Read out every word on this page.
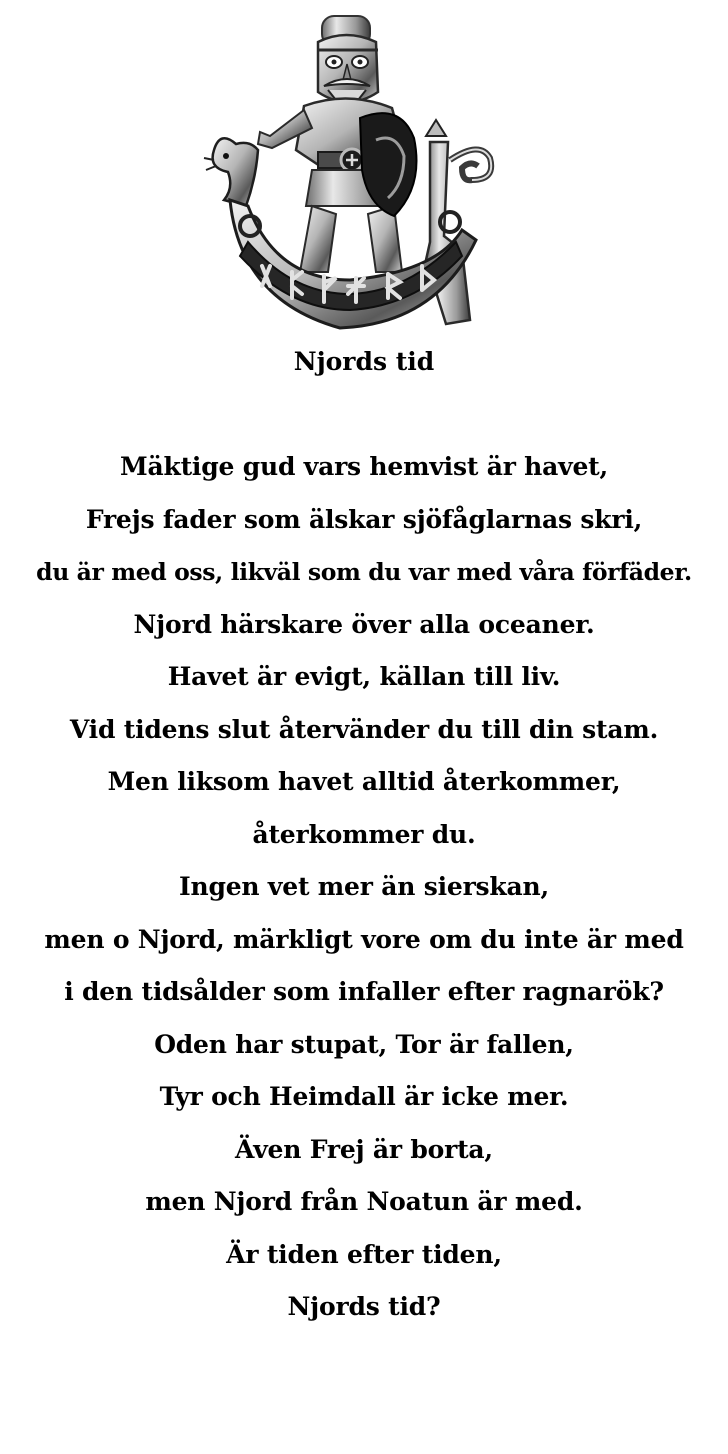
Njords tid
Mäktige gud vars hemvist är havet,
Frejs fader som älskar sjöfåglarnas skri,
du är med oss, likväl som du var med våra förfäder.
Njord härskare över alla oceaner.
Havet är evigt, källan till liv.
Vid tidens slut återvänder du till din stam.
Men liksom havet alltid återkommer,
återkommer du.
Ingen vet mer än sierskan,
men o Njord, märkligt vore om du inte är med
i den tidsålder som infaller efter ragnarök?
Oden har stupat, Tor är fallen,
Tyr och Heimdall är icke mer.
Även Frej är borta,
men Njord från Noatun är med.
Är tiden efter tiden,
Njords tid?
